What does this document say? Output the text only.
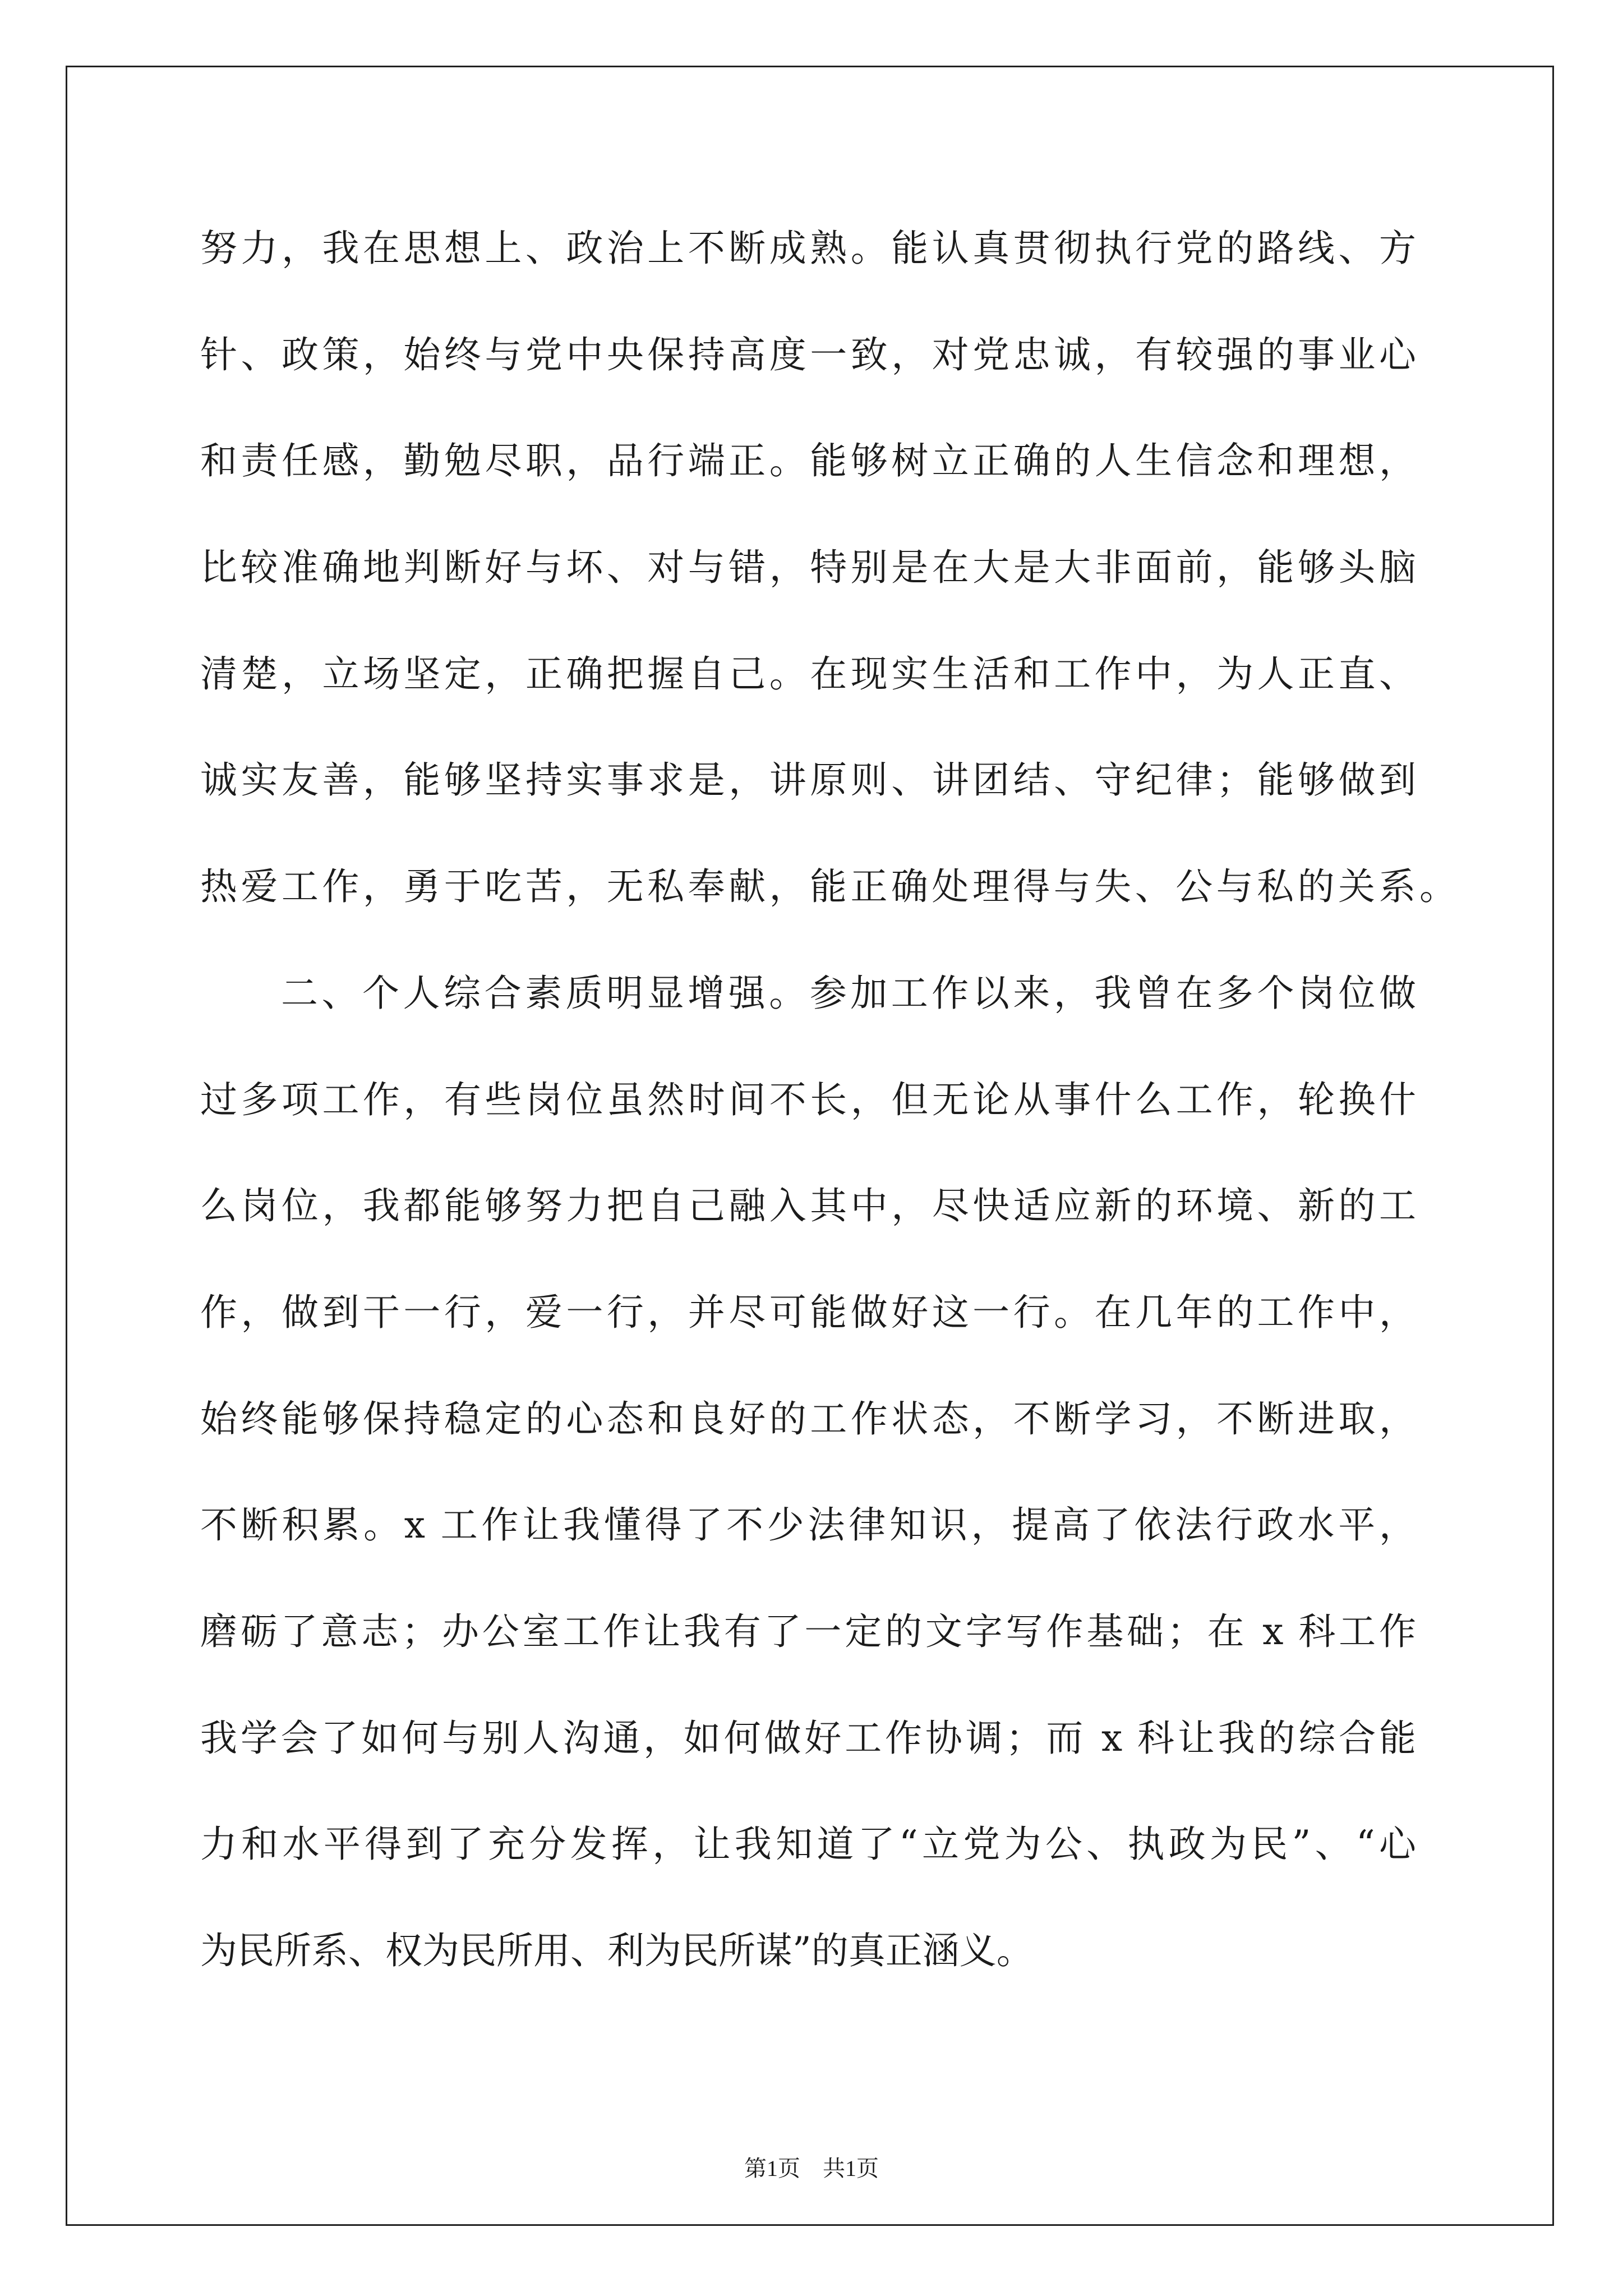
努力，我在思想上、政治上不断成熟。能认真贯彻执行党的路线、方
针、政策，始终与党中央保持高度一致，对党忠诚，有较强的事业心
和责任感，勤勉尽职，品行端正。能够树立正确的人生信念和理想，
比较准确地判断好与坏、对与错，特别是在大是大非面前，能够头脑
清楚，立场坚定，正确把握自己。在现实生活和工作中，为人正直、
诚实友善，能够坚持实事求是，讲原则、讲团结、守纪律；能够做到
热爱工作，勇于吃苦，无私奉献，能正确处理得与失、公与私的关系。
二、个人综合素质明显增强。参加工作以来，我曾在多个岗位做
过多项工作，有些岗位虽然时间不长，但无论从事什么工作，轮换什
么岗位，我都能够努力把自己融入其中，尽快适应新的环境、新的工
作，做到干一行，爱一行，并尽可能做好这一行。在几年的工作中，
始终能够保持稳定的心态和良好的工作状态，不断学习，不断进取，
不断积累。x 工作让我懂得了不少法律知识，提高了依法行政水平，
磨砺了意志；办公室工作让我有了一定的文字写作基础；在 x 科工作
我学会了如何与别人沟通，如何做好工作协调；而 x 科让我的综合能
力和水平得到了充分发挥，让我知道了“立党为公、执政为民”、“心
为民所系、权为民所用、利为民所谋”的真正涵义。
第1页　共1页
